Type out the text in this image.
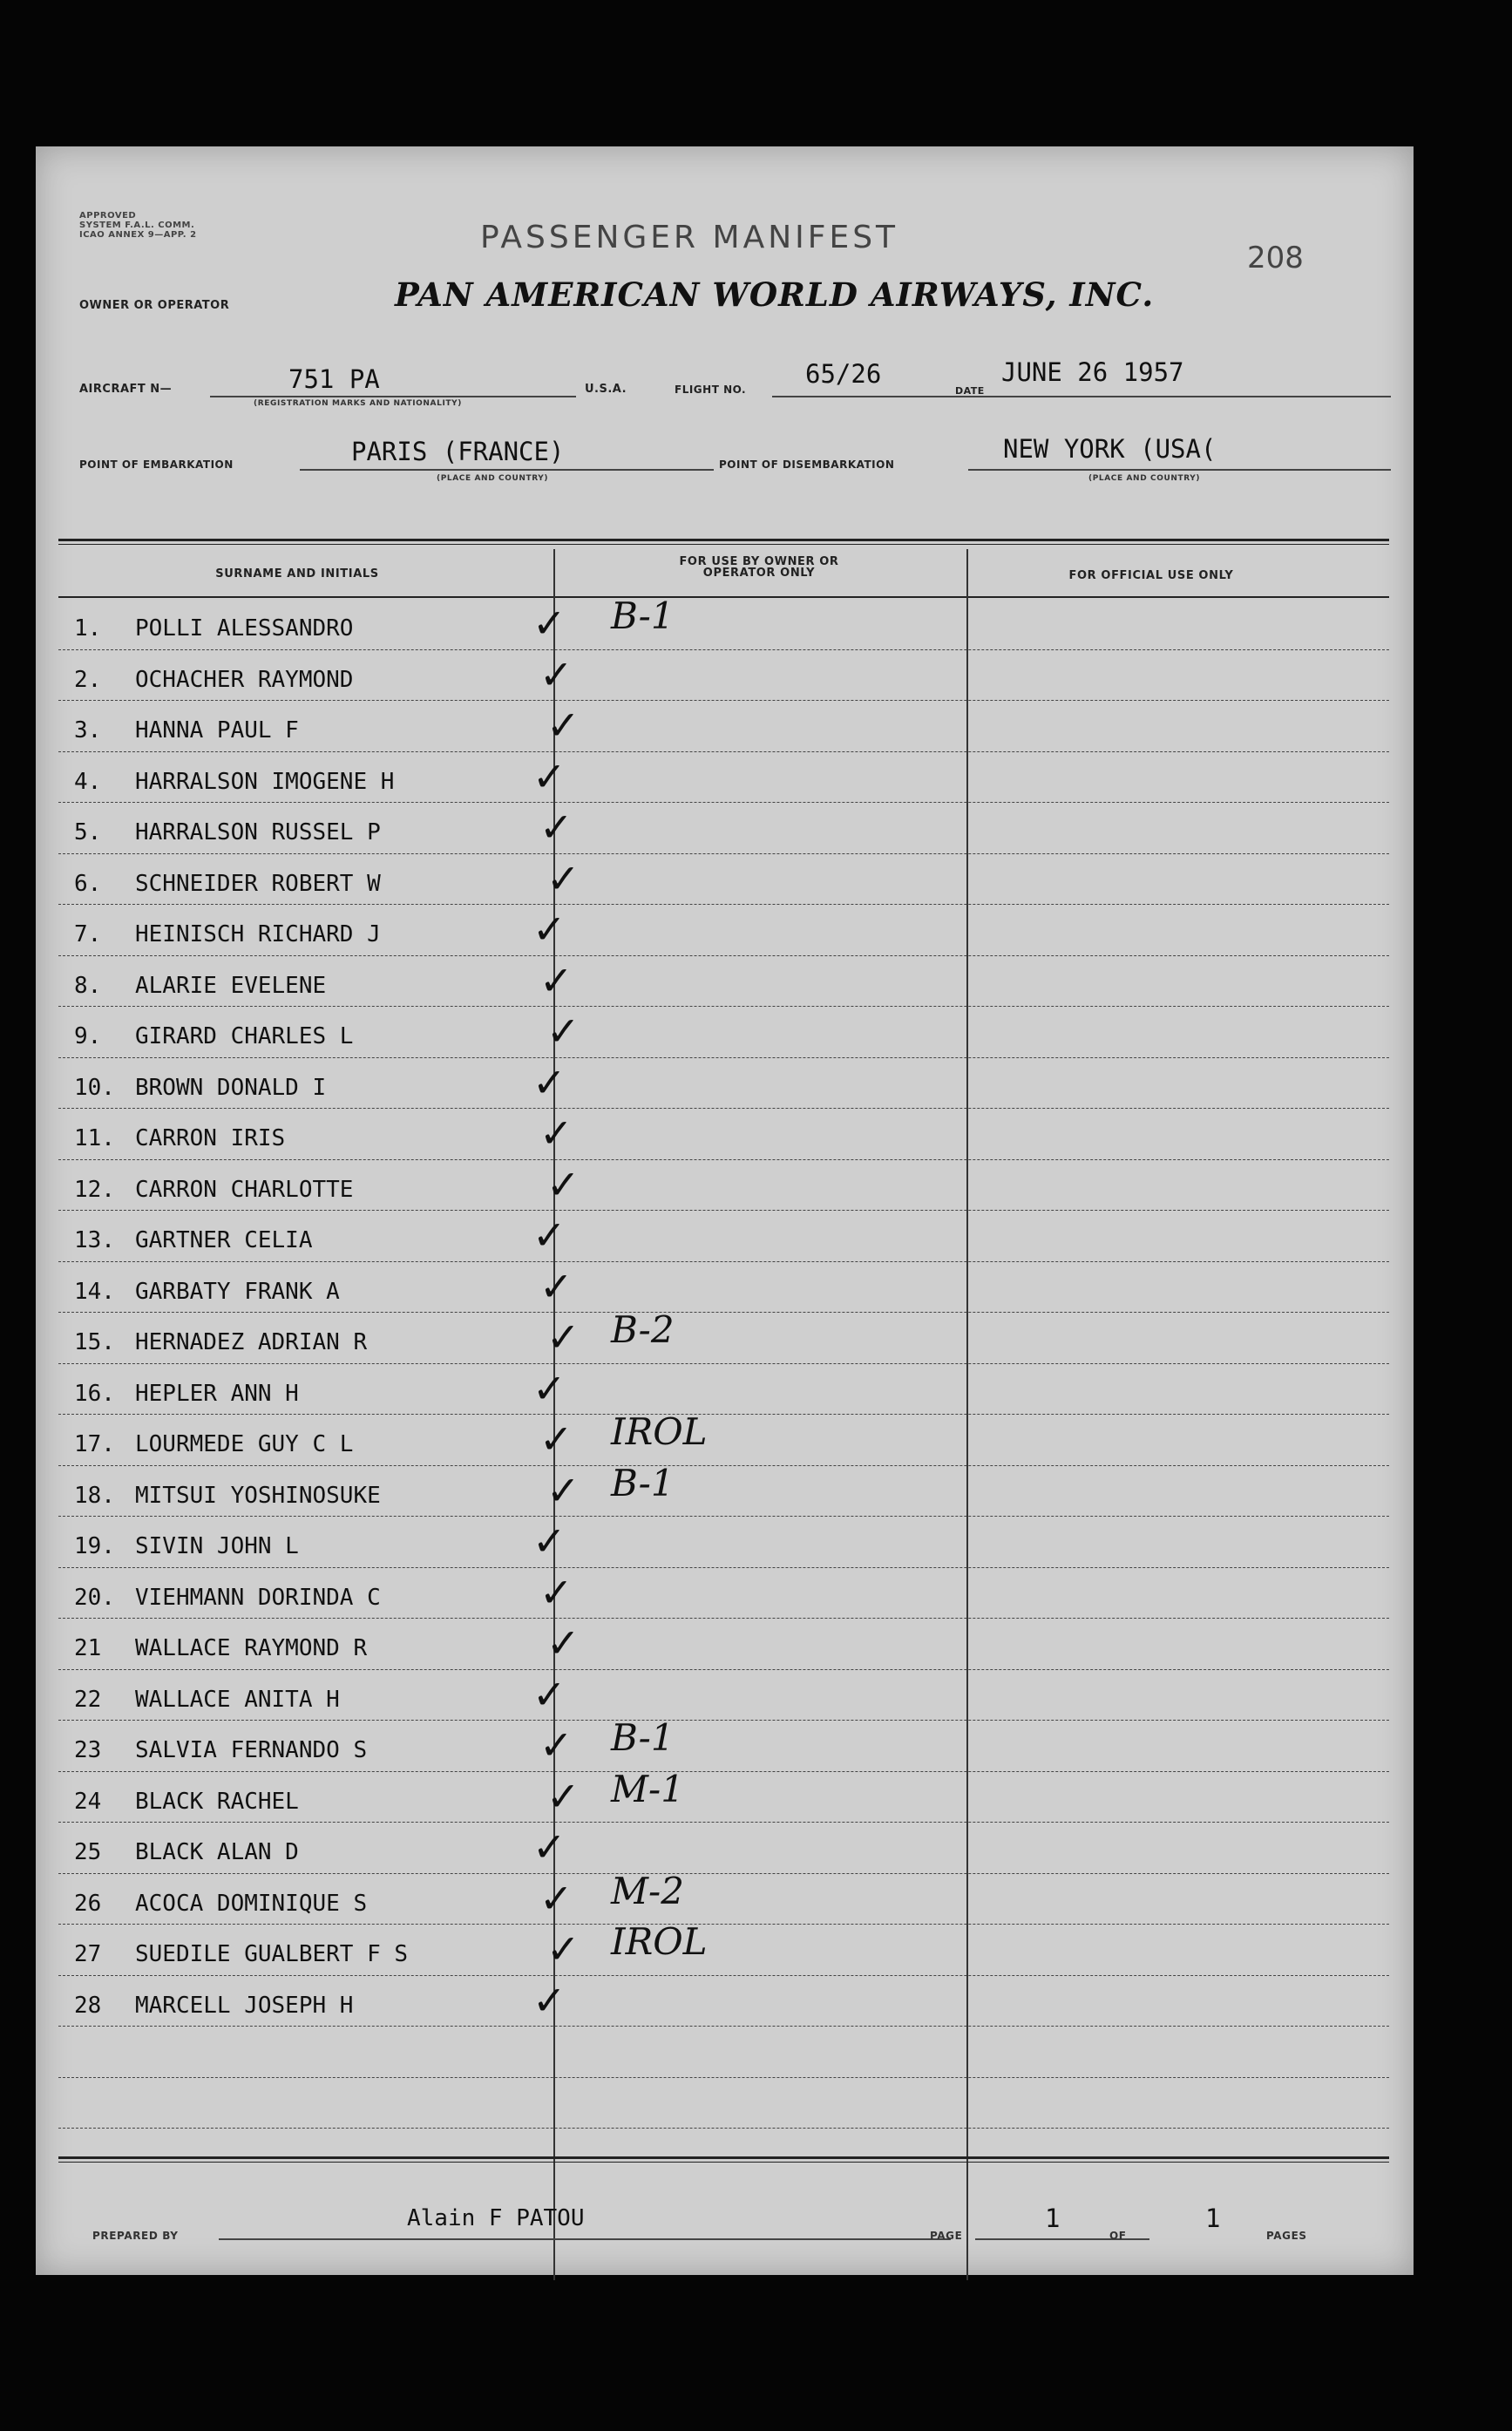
APPROVED
SYSTEM F.A.L. COMM.
ICAO ANNEX 9—APP. 2	PASSENGER MANIFEST
208
OWNER OR OPERATOR	PAN AMERICAN WORLD AIRWAYS, INC.
AIRCRAFT N—	751 PA
(REGISTRATION MARKS AND NATIONALITY)
U.S.A.	FLIGHT NO.
65/26
DATE
JUNE 26 1957
POINT OF EMBARKATION	PARIS (FRANCE)
(PLACE AND COUNTRY)
POINT OF DISEMBARKATION
NEW YORK (USA(
(PLACE AND COUNTRY)
SURNAME AND INITIALS
FOR USE BY OWNER OR OPERATOR ONLY	FOR OFFICIAL USE ONLY
1. POLLI ALESSANDRO	✓ B-1
2. OCHACHER RAYMOND	✓
3. HANNA PAUL F	✓
4. HARRALSON IMOGENE H	✓
5. HARRALSON RUSSEL P	✓
6. SCHNEIDER ROBERT W	✓
7. HEINISCH RICHARD J	✓
8. ALARIE EVELENE	✓
9. GIRARD CHARLES L	✓
10. BROWN DONALD I	✓
11. CARRON IRIS	✓
12. CARRON CHARLOTTE	✓
13. GARTNER CELIA	✓
14. GARBATY FRANK A	✓
15. HERNADEZ ADRIAN R	✓ B-2
16. HEPLER ANN H	✓
17. LOURMEDE GUY C L	✓ IROL
18. MITSUI YOSHINOSUKE	✓ B-1
19. SIVIN JOHN L	✓
20. VIEHMANN DORINDA C	✓
21 WALLACE RAYMOND R	✓
22 WALLACE ANITA H	✓
23 SALVIA FERNANDO S	✓ B-1
24 BLACK RACHEL	✓ M-1
25 BLACK ALAN D	✓
26 ACOCA DOMINIQUE S	✓ M-2
27 SUEDILE GUALBERT F S	✓ IROL
28 MARCELL JOSEPH H	✓
PREPARED BY
Alain F PATOU
PAGE
1
OF
1
PAGES
